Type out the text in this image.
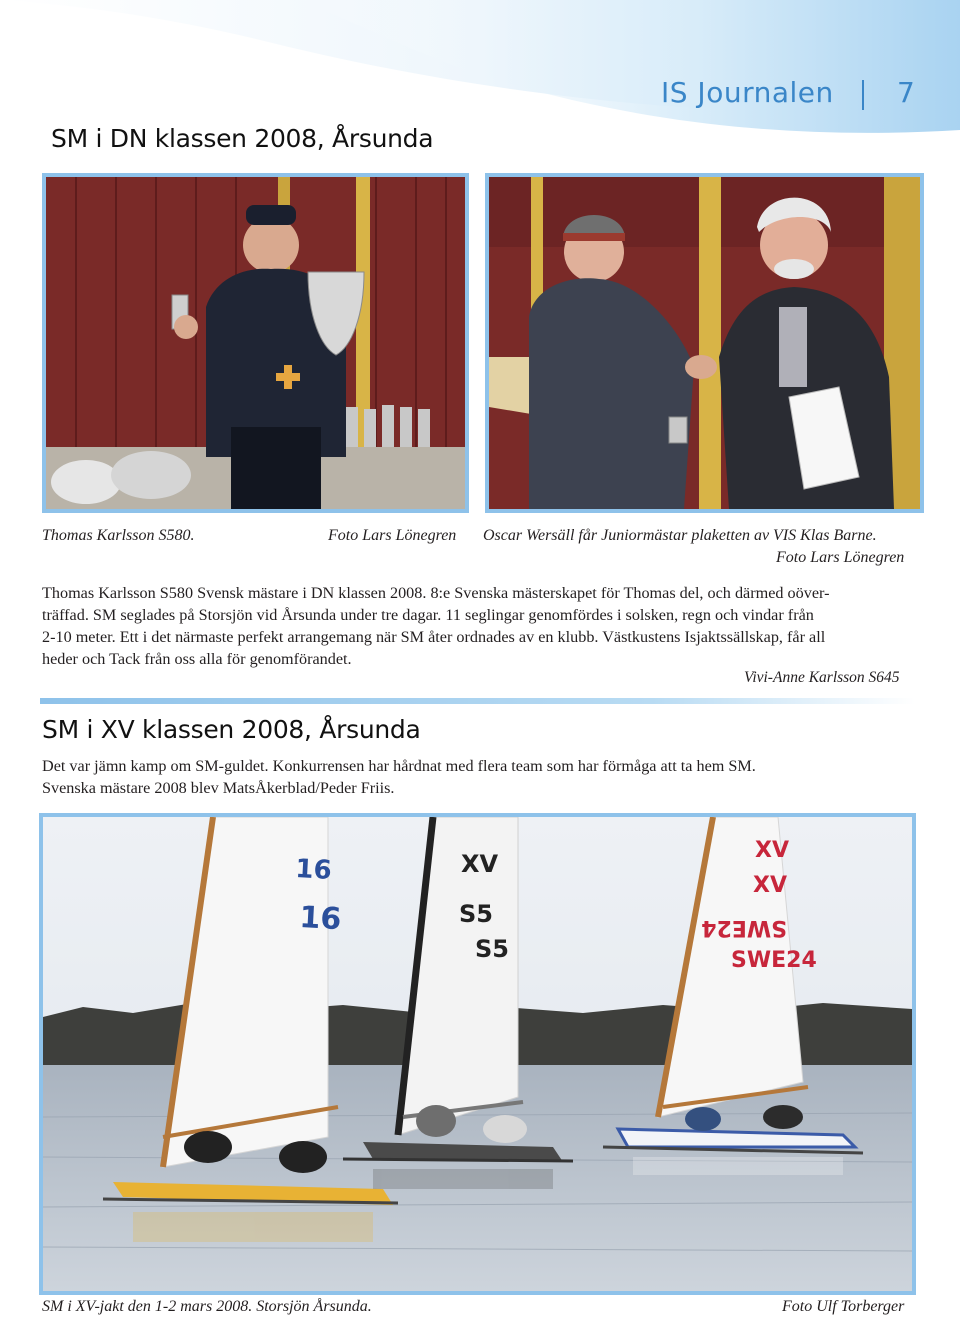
IS Journalen 7
SM i DN klassen 2008, Årsunda
Thomas Karlsson S580.	Foto Lars Lönegren Oscar Wersäll får Juniormästar plaketten av VIS Klas Barne.
Foto Lars Lönegren
Thomas Karlsson S580 Svensk mästare i DN klassen 2008. 8:e Svenska mästerskapet för Thomas del, och därmed oöver-
träffad. SM seglades på Storsjön vid Årsunda under tre dagar. 11 seglingar genomfördes i solsken, regn och vindar från
2-10 meter. Ett i det närmaste perfekt arrangemang när SM åter ordnades av en klubb. Västkustens Isjaktssällskap, får all
heder och Tack från oss alla för genomförandet.
Vivi-Anne Karlsson S645
SM i XV klassen 2008, Årsunda
Det var jämn kamp om SM-guldet. Konkurrensen har hårdnat med flera team som har förmåga att ta hem SM.
Svenska mästare 2008 blev MatsÅkerblad/Peder Friis.
16
16
XV
S5
S5
XV
XV
SWE24
SWE24
SM i XV-jakt den 1-2 mars 2008. Storsjön Årsunda.	Foto Ulf Torberger
